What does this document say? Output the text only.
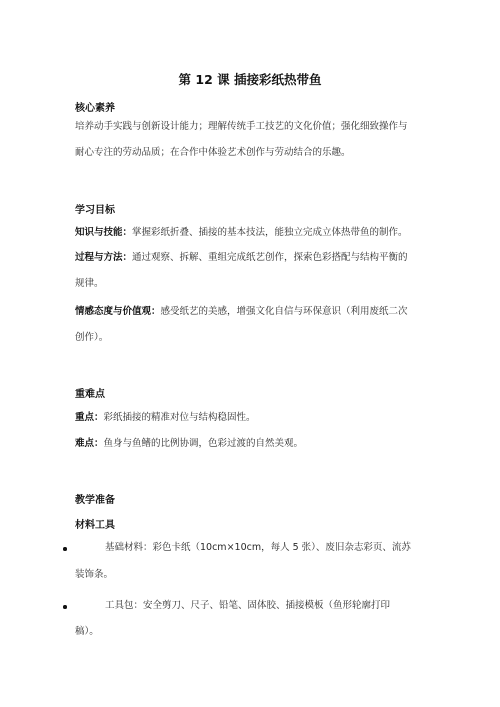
第 12 课 插接彩纸热带鱼
核心素养
培养动手实践与创新设计能力；理解传统手工技艺的文化价值；强化细致操作与
耐心专注的劳动品质；在合作中体验艺术创作与劳动结合的乐趣。
学习目标
知识与技能：掌握彩纸折叠、插接的基本技法，能独立完成立体热带鱼的制作。
过程与方法：通过观察、拆解、重组完成纸艺创作，探索色彩搭配与结构平衡的
规律。
情感态度与价值观：感受纸艺的美感，增强文化自信与环保意识（利用废纸二次
创作）。
重难点
重点：彩纸插接的精准对位与结构稳固性。
难点：鱼身与鱼鳍的比例协调，色彩过渡的自然美观。
教学准备
材料工具
基础材料：彩色卡纸（10cm×10cm，每人 5 张）、废旧杂志彩页、流苏
装饰条。
工具包：安全剪刀、尺子、铅笔、固体胶、插接模板（鱼形轮廓打印
稿）。
